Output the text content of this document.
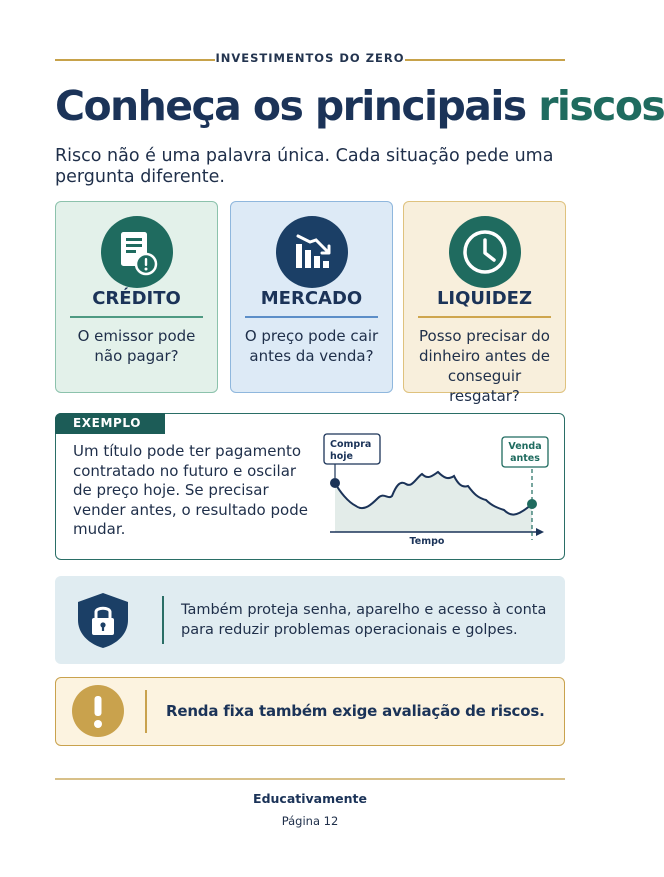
INVESTIMENTOS DO ZERO
Conheça os principais riscos

Risco não é uma palavra única. Cada situação pede uma pergunta diferente.

CRÉDITO
O emissor pode não pagar?
MERCADO
O preço pode cair antes da venda?
LIQUIDEZ
Posso precisar do dinheiro antes de conseguir resgatar?
EXEMPLO

Um título pode ter pagamento contratado no futuro e oscilar de preço hoje. Se precisar vender antes, o resultado pode mudar.

Compra
hoje
Venda
antes
Tempo

Também proteja senha, aparelho e acesso à conta para reduzir problemas operacionais e golpes.

Renda fixa também exige avaliação de riscos.

Educativamente
Página 12
